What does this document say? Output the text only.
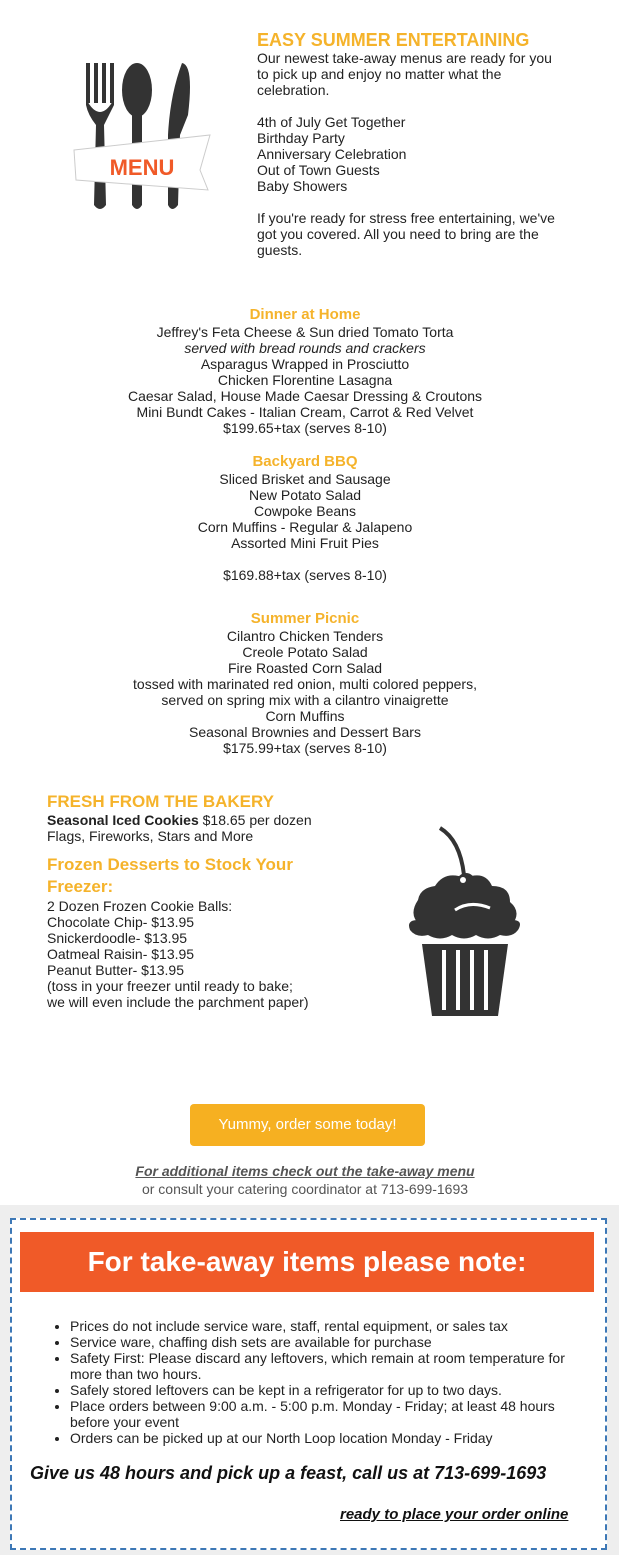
MENU
EASY SUMMER ENTERTAINING
Our newest take-away menus are ready for you
to pick up and enjoy no matter what the
celebration.
4th of July Get Together
Birthday Party
Anniversary Celebration
Out of Town Guests
Baby Showers
If you're ready for stress free entertaining, we've
got you covered. All you need to bring are the
guests.
Dinner at Home
Jeffrey's Feta Cheese & Sun dried Tomato Torta
served with bread rounds and crackers
Asparagus Wrapped in Prosciutto
Chicken Florentine Lasagna
Caesar Salad, House Made Caesar Dressing & Croutons
Mini Bundt Cakes - Italian Cream, Carrot & Red Velvet
$199.65+tax (serves 8-10)
Backyard BBQ
Sliced Brisket and Sausage
New Potato Salad
Cowpoke Beans
Corn Muffins - Regular & Jalapeno
Assorted Mini Fruit Pies
$169.88+tax (serves 8-10)
Summer Picnic
Cilantro Chicken Tenders
Creole Potato Salad
Fire Roasted Corn Salad
tossed with marinated red onion, multi colored peppers,
served on spring mix with a cilantro vinaigrette
Corn Muffins
Seasonal Brownies and Dessert Bars
$175.99+tax (serves 8-10)
FRESH FROM THE BAKERY
Seasonal Iced Cookies $18.65 per dozen
Flags, Fireworks, Stars and More
Frozen Desserts to Stock Your
Freezer:
2 Dozen Frozen Cookie Balls:
Chocolate Chip- $13.95
Snickerdoodle- $13.95
Oatmeal Raisin- $13.95
Peanut Butter- $13.95
(toss in your freezer until ready to bake;
we will even include the parchment paper)
Yummy, order some today!
For additional items check out the take-away menu
or consult your catering coordinator at 713-699-1693
For take-away items please note:
• Prices do not include service ware, staff, rental equipment, or sales tax
• Service ware, chaffing dish sets are available for purchase
• Safety First: Please discard any leftovers, which remain at room temperature for more than two hours.
• Safely stored leftovers can be kept in a refrigerator for up to two days.
• Place orders between 9:00 a.m. - 5:00 p.m. Monday - Friday; at least 48 hours before your event
• Orders can be picked up at our North Loop location Monday - Friday
Give us 48 hours and pick up a feast, call us at 713-699-1693
ready to place your order online
